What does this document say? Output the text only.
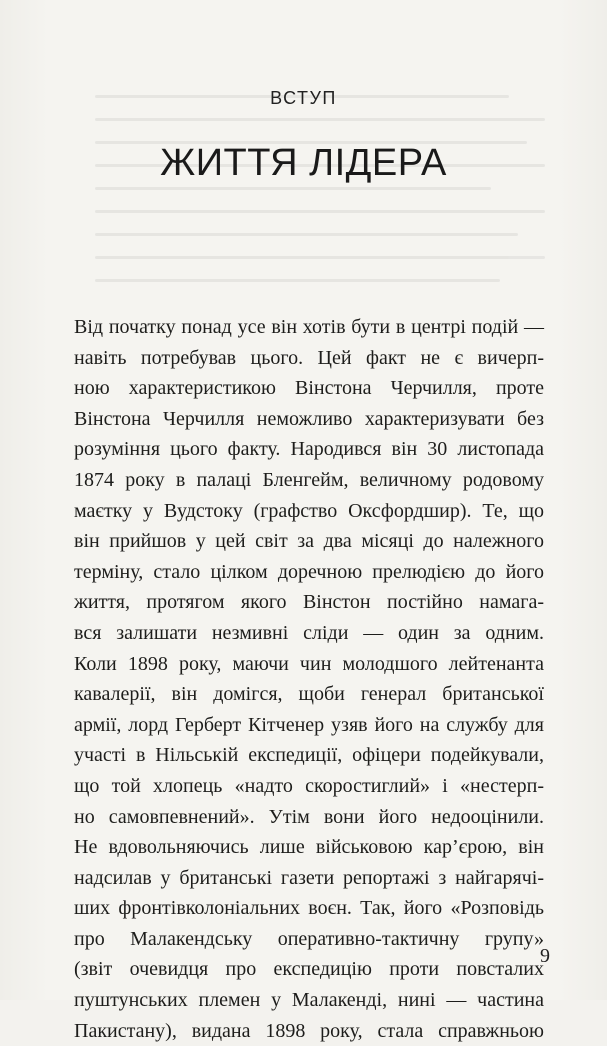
ВСТУП
ЖИТТЯ ЛІДЕРА
Від початку понад усе він хотів бути в центрі подій —
навіть потребував цього. Цей факт не є вичерп-
ною характеристикою Вінстона Черчилля, проте
Вінстона Черчилля неможливо характеризувати без
розуміння цього факту. Народився він 30 листопада
1874 року в палаці Бленгейм, величному родовому
маєтку у Вудстоку (графство Оксфордшир). Те, що
він прийшов у цей світ за два місяці до належного
терміну, стало цілком доречною прелюдією до його
життя, протягом якого Вінстон постійно намага-
вся залишати незмивні сліди — один за одним.
Коли 1898 року, маючи чин молодшого лейтенанта
кавалерії, він домігся, щоби генерал британської
армії, лорд Герберт Кітченер узяв його на службу для
участі в Нільській експедиції, офіцери подейкували,
що той хлопець «надто скоростиглий» і «нестерп-
но самовпевнений». Утім вони його недооцінили.
Не вдовольняючись лише військовою кар’єрою, він
надсилав у британські газети репортажі з найгарячі-
ших фронтівколоніальних воєн. Так, його «Розповідь
про Малакендську оперативно-тактичну групу»
(звіт очевидця про експедицію проти повсталих
пуштунських племен у Малакенді, нині — частина
Пакистану), видана 1898 року, стала справжньою
9
